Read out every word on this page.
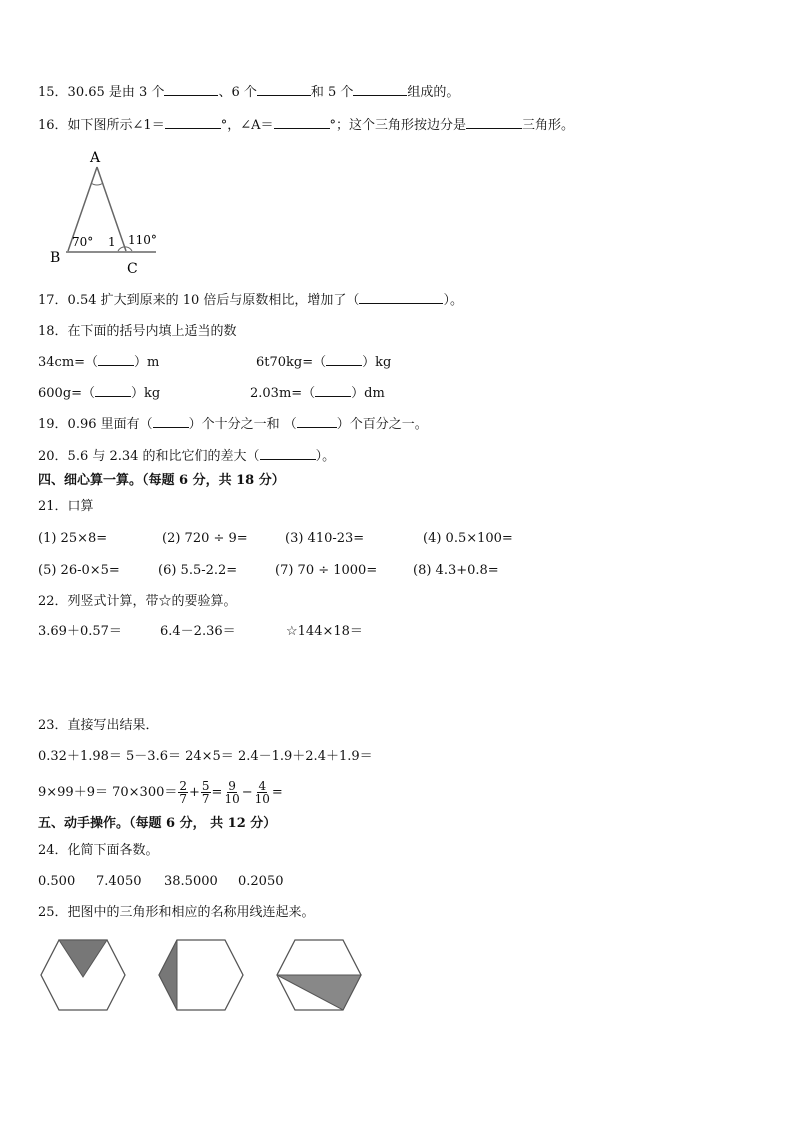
15．30.65 是由 3 个	、6 个	和 5 个	组成的。
16．如下图所示∠1＝	°，∠A＝	°；这个三角形按边分是	三角形。
A
B
C
70° 1 110°
17．0.54 扩大到原来的 10 倍后与原数相比，增加了（	）。
18．在下面的括号内填上适当的数
34cm=（	）m	6t70kg=（	）kg
600g=（	）kg	2.03m=（	）dm
19．0.96 里面有（	）个十分之一和 （	）个百分之一。
20．5.6 与 2.34 的和比它们的差大（	）。
四、细心算一算。（每题 6 分，共 18 分）
21．口算
(1) 25×8=	(2) 720 ÷ 9=	(3) 410-23=	(4) 0.5×100=
(5) 26-0×5=	(6) 5.5-2.2=	(7) 70 ÷ 1000=	(8) 4.3+0.8=
22．列竖式计算，带☆的要验算。
3.69＋0.57＝	6.4－2.36＝	☆144×18＝
23．直接写出结果．
0.32＋1.98＝ 5－3.6＝ 24×5＝ 2.4－1.9＋2.4＋1.9＝
$9\times 99+9= 70\times 300= \frac{2}{7} + \frac{5}{7} = \frac{9}{10} - \frac{4}{10}$ =
五、动手操作。（每题 6 分， 共 12 分）
24．化简下面各数。
0.500 7.4050 38.5000 0.2050
25．把图中的三角形和相应的名称用线连起来。
